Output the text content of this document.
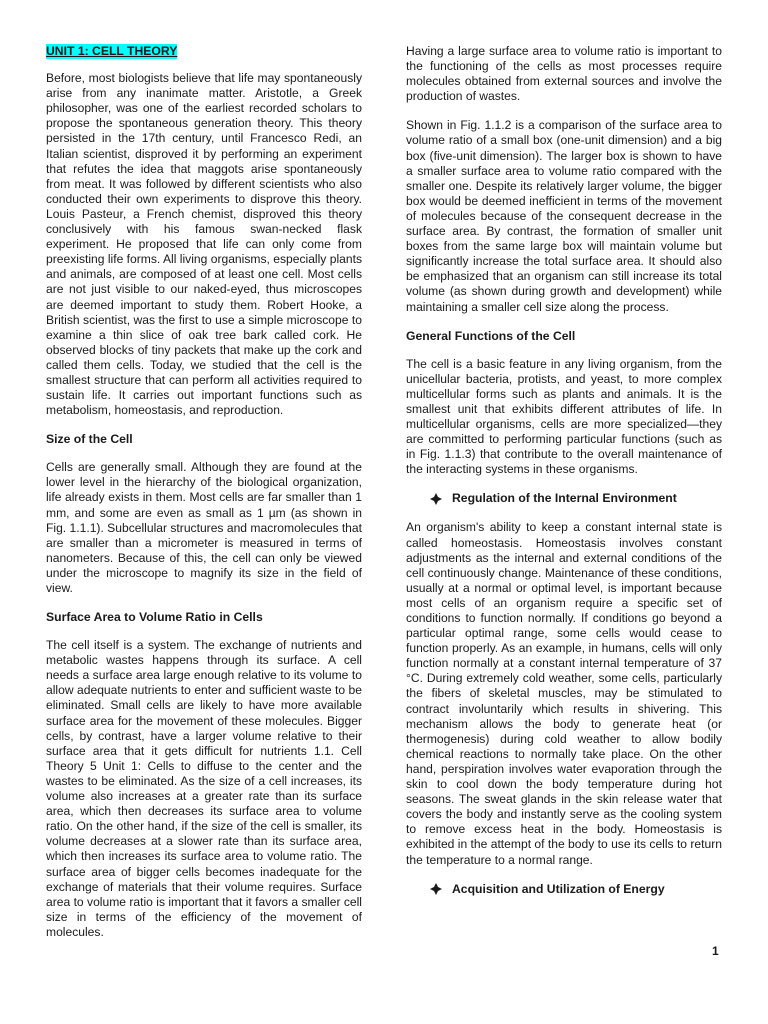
UNIT 1: CELL THEORY

Before, most biologists believe that life may spontaneously arise from any inanimate matter. Aristotle, a Greek philosopher, was one of the earliest recorded scholars to propose the spontaneous generation theory. This theory persisted in the 17th century, until Francesco Redi, an Italian scientist, disproved it by performing an experiment that refutes the idea that maggots arise spontaneously from meat. It was followed by different scientists who also conducted their own experiments to disprove this theory. Louis Pasteur, a French chemist, disproved this theory conclusively with his famous swan-necked flask experiment. He proposed that life can only come from preexisting life forms. All living organisms, especially plants and animals, are composed of at least one cell. Most cells are not just visible to our naked-eyed, thus microscopes are deemed important to study them. Robert Hooke, a British scientist, was the first to use a simple microscope to examine a thin slice of oak tree bark called cork. He observed blocks of tiny packets that make up the cork and called them cells. Today, we studied that the cell is the smallest structure that can perform all activities required to sustain life. It carries out important functions such as metabolism, homeostasis, and reproduction.

Size of the Cell

Cells are generally small. Although they are found at the lower level in the hierarchy of the biological organization, life already exists in them. Most cells are far smaller than 1 mm, and some are even as small as 1 µm (as shown in Fig. 1.1.1). Subcellular structures and macromolecules that are smaller than a micrometer is measured in terms of nanometers. Because of this, the cell can only be viewed under the microscope to magnify its size in the field of view.

Surface Area to Volume Ratio in Cells

The cell itself is a system. The exchange of nutrients and metabolic wastes happens through its surface. A cell needs a surface area large enough relative to its volume to allow adequate nutrients to enter and sufficient waste to be eliminated. Small cells are likely to have more available surface area for the movement of these molecules. Bigger cells, by contrast, have a larger volume relative to their surface area that it gets difficult for nutrients 1.1. Cell Theory 5 Unit 1: Cells to diffuse to the center and the wastes to be eliminated. As the size of a cell increases, its volume also increases at a greater rate than its surface area, which then decreases its surface area to volume ratio. On the other hand, if the size of the cell is smaller, its volume decreases at a slower rate than its surface area, which then increases its surface area to volume ratio. The surface area of bigger cells becomes inadequate for the exchange of materials that their volume requires. Surface area to volume ratio is important that it favors a smaller cell size in terms of the efficiency of the movement of molecules.

Having a large surface area to volume ratio is important to the functioning of the cells as most processes require molecules obtained from external sources and involve the production of wastes.

Shown in Fig. 1.1.2 is a comparison of the surface area to volume ratio of a small box (one-unit dimension) and a big box (five-unit dimension). The larger box is shown to have a smaller surface area to volume ratio compared with the smaller one. Despite its relatively larger volume, the bigger box would be deemed inefficient in terms of the movement of molecules because of the consequent decrease in the surface area. By contrast, the formation of smaller unit boxes from the same large box will maintain volume but significantly increase the total surface area. It should also be emphasized that an organism can still increase its total volume (as shown during growth and development) while maintaining a smaller cell size along the process.

General Functions of the Cell

The cell is a basic feature in any living organism, from the unicellular bacteria, protists, and yeast, to more complex multicellular forms such as plants and animals. It is the smallest unit that exhibits different attributes of life. In multicellular organisms, cells are more specialized—they are committed to performing particular functions (such as in Fig. 1.1.3) that contribute to the overall maintenance of the interacting systems in these organisms.

Regulation of the Internal Environment

An organism's ability to keep a constant internal state is called homeostasis. Homeostasis involves constant adjustments as the internal and external conditions of the cell continuously change. Maintenance of these conditions, usually at a normal or optimal level, is important because most cells of an organism require a specific set of conditions to function normally. If conditions go beyond a particular optimal range, some cells would cease to function properly. As an example, in humans, cells will only function normally at a constant internal temperature of 37 °C. During extremely cold weather, some cells, particularly the fibers of skeletal muscles, may be stimulated to contract involuntarily which results in shivering. This mechanism allows the body to generate heat (or thermogenesis) during cold weather to allow bodily chemical reactions to normally take place. On the other hand, perspiration involves water evaporation through the skin to cool down the body temperature during hot seasons. The sweat glands in the skin release water that covers the body and instantly serve as the cooling system to remove excess heat in the body. Homeostasis is exhibited in the attempt of the body to use its cells to return the temperature to a normal range.

Acquisition and Utilization of Energy
1
